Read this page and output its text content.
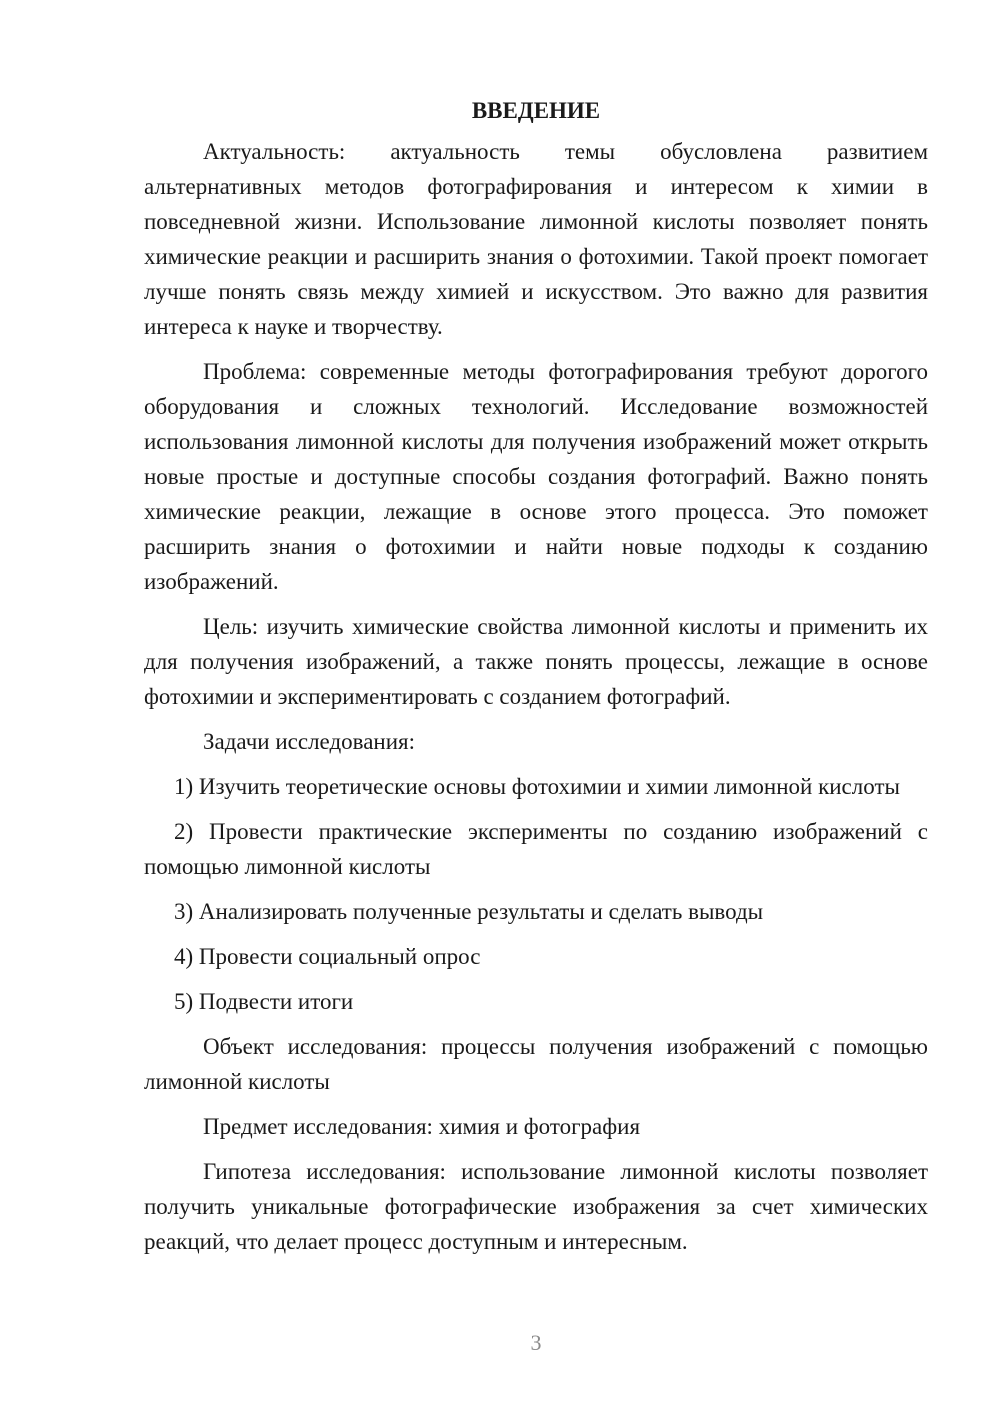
ВВЕДЕНИЕ

Актуальность: актуальность темы обусловлена развитием альтернативных методов фотографирования и интересом к химии в повседневной жизни. Использование лимонной кислоты позволяет понять химические реакции и расширить знания о фотохимии. Такой проект помогает лучше понять связь между химией и искусством. Это важно для развития интереса к науке и творчеству.

Проблема: современные методы фотографирования требуют дорогого оборудования и сложных технологий. Исследование возможностей использования лимонной кислоты для получения изображений может открыть новые простые и доступные способы создания фотографий. Важно понять химические реакции, лежащие в основе этого процесса. Это поможет расширить знания о фотохимии и найти новые подходы к созданию изображений.

Цель: изучить химические свойства лимонной кислоты и применить их для получения изображений, а также понять процессы, лежащие в основе фотохимии и экспериментировать с созданием фотографий.

Задачи исследования:

1) Изучить теоретические основы фотохимии и химии лимонной кислоты

2) Провести практические эксперименты по созданию изображений с помощью лимонной кислоты

3) Анализировать полученные результаты и сделать выводы

4) Провести социальный опрос

5) Подвести итоги

Объект исследования: процессы получения изображений с помощью лимонной кислоты

Предмет исследования: химия и фотография

Гипотеза исследования: использование лимонной кислоты позволяет получить уникальные фотографические изображения за счет химических реакций, что делает процесс доступным и интересным.

3
